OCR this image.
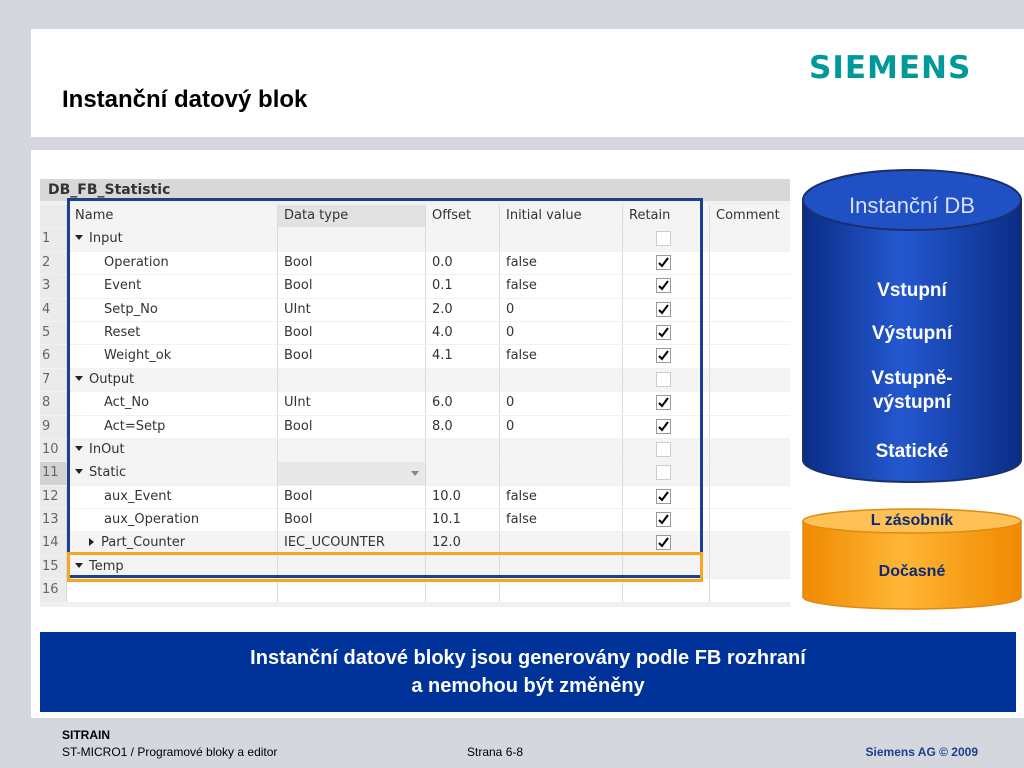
SIEMENS
Instanční datový blok
DB_FB_Statistic
Name	Data type	Offset	Initial value	Retain	Comment
1	Input
2	Operation	Bool	0.0	false
3	Event	Bool	0.1	false
4	Setp_No	UInt	2.0	0
5	Reset	Bool	4.0	0
6	Weight_ok	Bool	4.1	false
7	Output
8	Act_No	UInt	6.0	0
9	Act=Setp	Bool	8.0	0
10	InOut
11	Static
12	aux_Event	Bool	10.0	false
13	aux_Operation	Bool	10.1	false
14	Part_Counter	IEC_UCOUNTER	12.0
15	Temp
16
Instanční DB
Vstupní
Výstupní
Vstupně-
výstupní
Statické
L zásobník
Dočasné
Instanční datové bloky jsou generovány podle FB rozhraní
a nemohou být změněny
SITRAIN
ST-MICRO1 / Programové bloky a editor	Strana 6-8	Siemens AG © 2009
